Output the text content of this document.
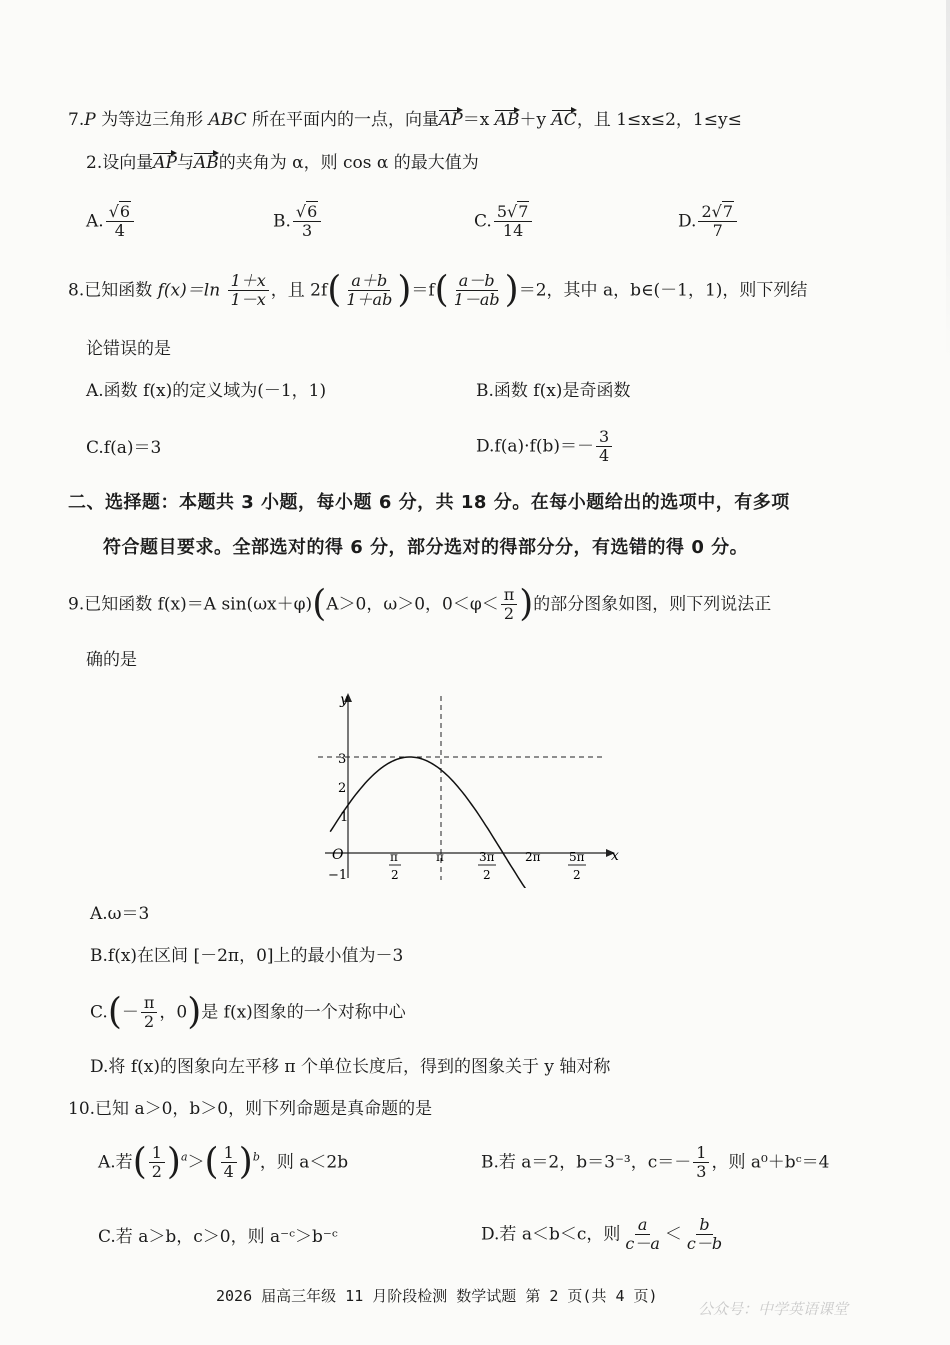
7.P 为等边三角形 ABC 所在平面内的一点，向量AP＝x AB＋y AC，且 1≤x≤2，1≤y≤
2.设向量AP与AB的夹角为 α，则 cos α 的最大值为
A. $\frac{√6}{4}$	B. $\frac{√6}{3}$	C. $\frac{5√7}{14}$	D. $\frac{2√7}{7}$
8.已知函数 $f(x)=\ln \frac{1+x}{1-x}$ ，且 $2f( \frac{a+b}{1+ab} )=f( \frac{a-b}{1-ab} )=2$，其中 a，b∈(－1，1)，则下列结
论错误的是
A.函数 f(x)的定义域为(－1，1)	B.函数 f(x)是奇函数
C.f(a)＝3	$D.f(a)\cdot f(b)=- \frac{3}{4}$
二、选择题：本题共 3 小题，每小题 6 分，共 18 分。在每小题给出的选项中，有多项
符合题目要求。全部选对的得 6 分，部分选对的得部分分，有选错的得 0 分。
9.已知函数 f(x)＝A sin(ωx＋φ)(A＞0，ω＞0，$0<\varphi< \frac{\pi}{2}$ )的部分图象如图，则下列说法正
确的是
y
x
O
3
2
1
−1
π
2
π	3π
2
2π 5π
2
A.ω＝3
B.f(x)在区间 [－2π，0]上的最小值为－3
$C.(- \frac{\pi}{2}$ ，0)是 f(x)图象的一个对称中心
D.将 f(x)的图象向左平移 π 个单位长度后，得到的图象关于 y 轴对称
10.已知 a＞0，b＞0，则下列命题是真命题的是
A.若( $\frac{1}{2} )^a>( \frac{1}{4} )^b$，则 a＜2b	B.若 a＝2，b＝3⁻³，$c=- \frac{1}{3}$ ，则 a⁰＋bᶜ＝4
C.若 a＞b，c＞0，则 a⁻ᶜ＞b⁻ᶜ	D.若 a＜b＜c，则 $\frac{a}{c-a} < \frac{b}{c-b}$
2026 届高三年级 11 月阶段检测 数学试题 第 2 页(共 4 页)
公众号：中学英语课堂
